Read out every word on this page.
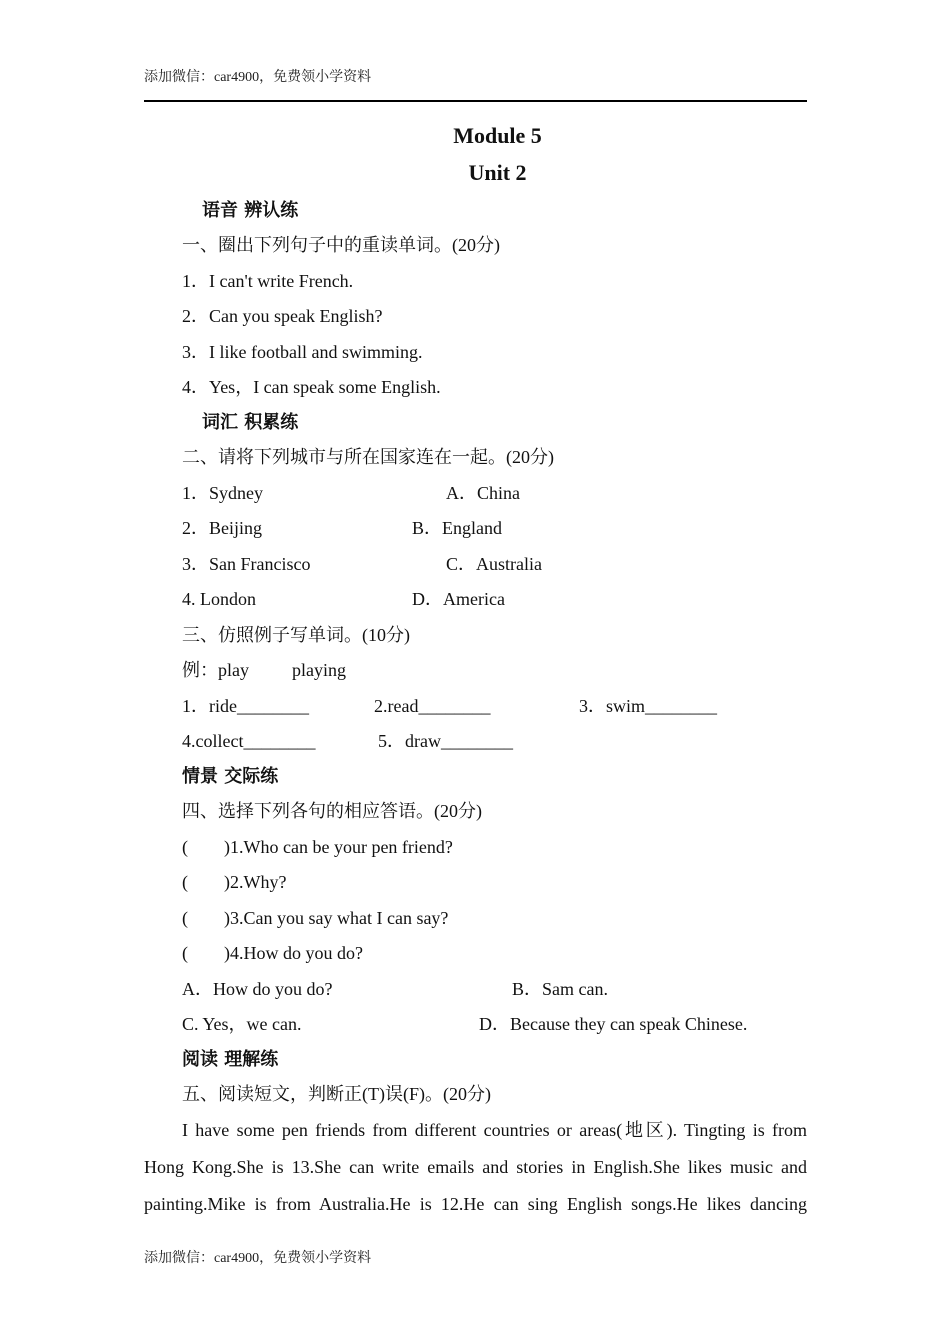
添加微信：car4900，免费领小学资料
Module 5
Unit 2
语音 辨认练
一、圈出下列句子中的重读单词。(20分)
1．I can't write French.
2．Can you speak English?
3．I like football and swimming.
4．Yes，I can speak some English.
词汇 积累练
二、请将下列城市与所在国家连在一起。(20分)
1．Sydney	A．China
2．Beijing	B．England
3．San Francisco	C．Australia
4. London	D．America
三、仿照例子写单词。(10分)
例：play playing
1．ride________	2.read________	3．swim________
4.collect________	5．draw________
情景 交际练
四、选择下列各句的相应答语。(20分)
(　　)1.Who can be your pen friend?
(　　)2.Why?
(　　)3.Can you say what I can say?
(　　)4.How do you do?
A．How do you do?	B．Sam can.
C. Yes，we can.	D．Because they can speak Chinese.
阅读 理解练
五、阅读短文，判断正(T)误(F)。(20分)
I have some pen friends from different countries or areas(地区). Tingting is from
Hong Kong.She is 13.She can write emails and stories in English.She likes music and
painting.Mike is from Australia.He is 12.He can sing English songs.He likes dancing
添加微信：car4900，免费领小学资料
